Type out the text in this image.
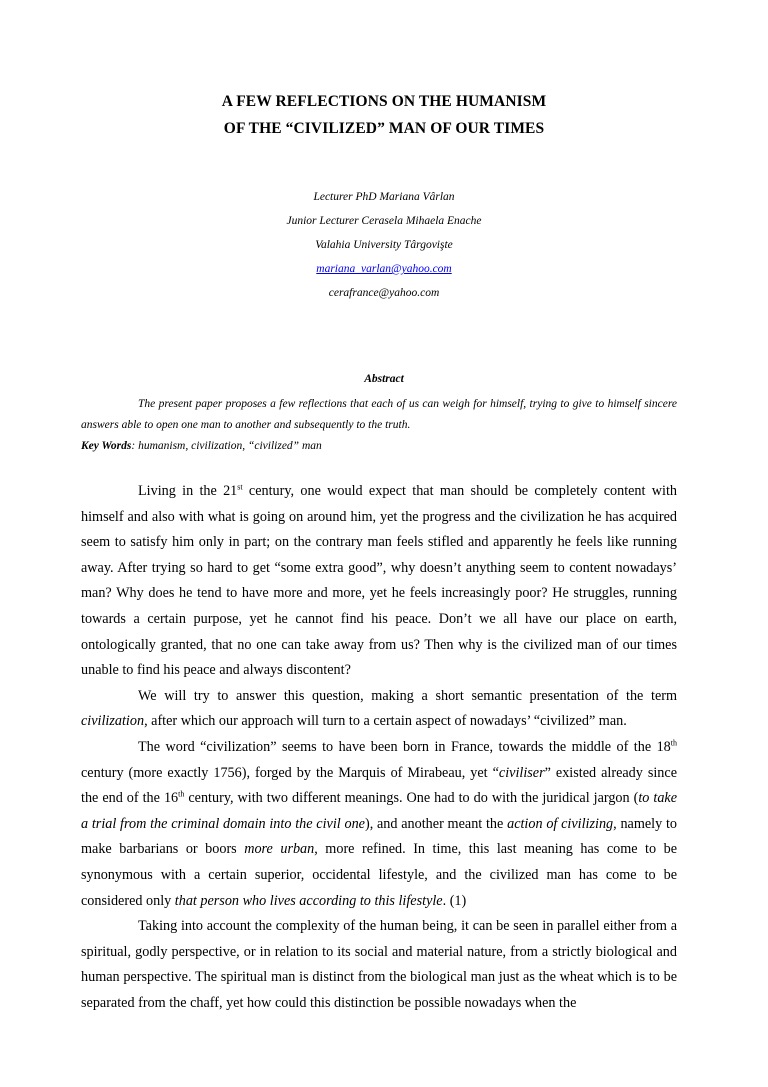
A FEW REFLECTIONS ON THE HUMANISM
OF THE “CIVILIZED” MAN OF OUR TIMES
Lecturer PhD Mariana Vârlan
Junior Lecturer Cerasela Mihaela Enache
Valahia University Târgovişte
mariana_varlan@yahoo.com
cerafrance@yahoo.com
Abstract

The present paper proposes a few reflections that each of us can weigh for himself, trying to give to himself sincere answers able to open one man to another and subsequently to the truth.

Key Words: humanism, civilization, “civilized” man

Living in the 21st century, one would expect that man should be completely content with himself and also with what is going on around him, yet the progress and the civilization he has acquired seem to satisfy him only in part; on the contrary man feels stifled and apparently he feels like running away. After trying so hard to get “some extra good”, why doesn’t anything seem to content nowadays’ man? Why does he tend to have more and more, yet he feels increasingly poor? He struggles, running towards a certain purpose, yet he cannot find his peace. Don’t we all have our place on earth, ontologically granted, that no one can take away from us? Then why is the civilized man of our times unable to find his peace and always discontent?

We will try to answer this question, making a short semantic presentation of the term civilization, after which our approach will turn to a certain aspect of nowadays’ “civilized” man.

The word “civilization” seems to have been born in France, towards the middle of the 18th century (more exactly 1756), forged by the Marquis of Mirabeau, yet “civiliser” existed already since the end of the 16th century, with two different meanings. One had to do with the juridical jargon (to take a trial from the criminal domain into the civil one), and another meant the action of civilizing, namely to make barbarians or boors more urban, more refined. In time, this last meaning has come to be synonymous with a certain superior, occidental lifestyle, and the civilized man has come to be considered only that person who lives according to this lifestyle. (1)

Taking into account the complexity of the human being, it can be seen in parallel either from a spiritual, godly perspective, or in relation to its social and material nature, from a strictly biological and human perspective. The spiritual man is distinct from the biological man just as the wheat which is to be separated from the chaff, yet how could this distinction be possible nowadays when the
